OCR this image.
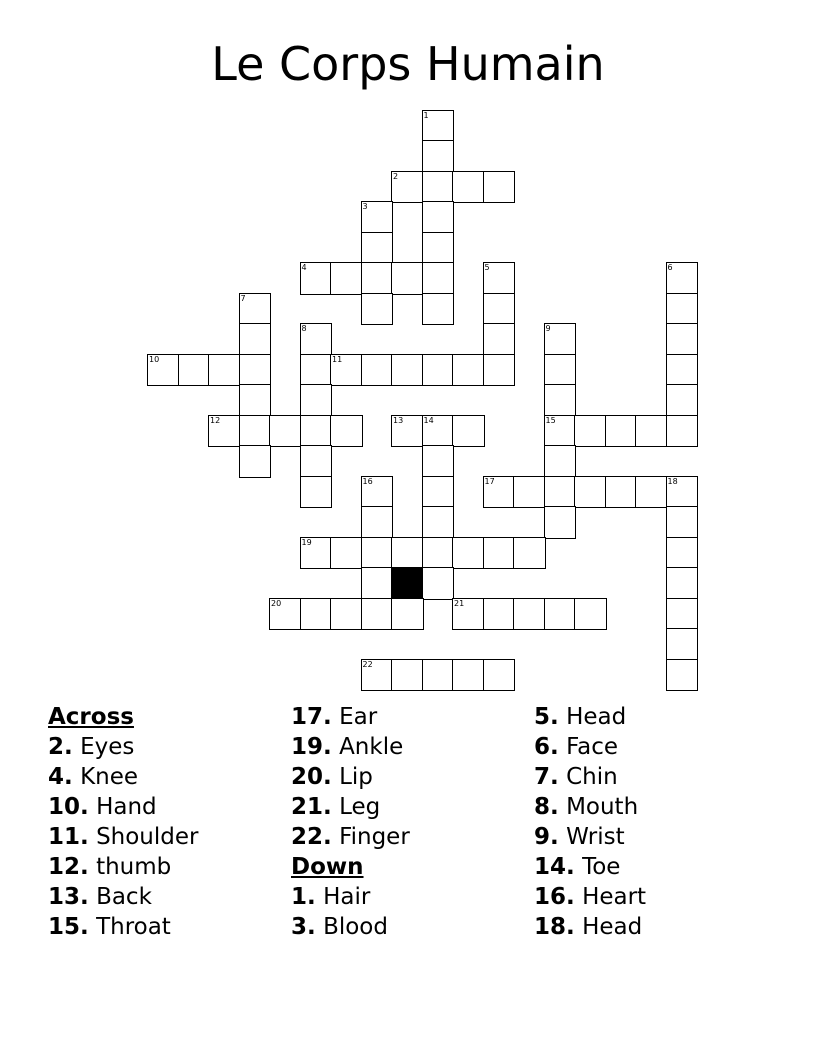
Le Corps Humain
1
2
3
4	5	6
7
8	9
10	11
12	13	14	15
16	17	18
19
20	21
22
Across
2. Eyes
4. Knee
10. Hand
11. Shoulder
12. thumb
13. Back
15. Throat
17. Ear
19. Ankle
20. Lip
21. Leg
22. Finger
Down
1. Hair
3. Blood
5. Head
6. Face
7. Chin
8. Mouth
9. Wrist
14. Toe
16. Heart
18. Head
